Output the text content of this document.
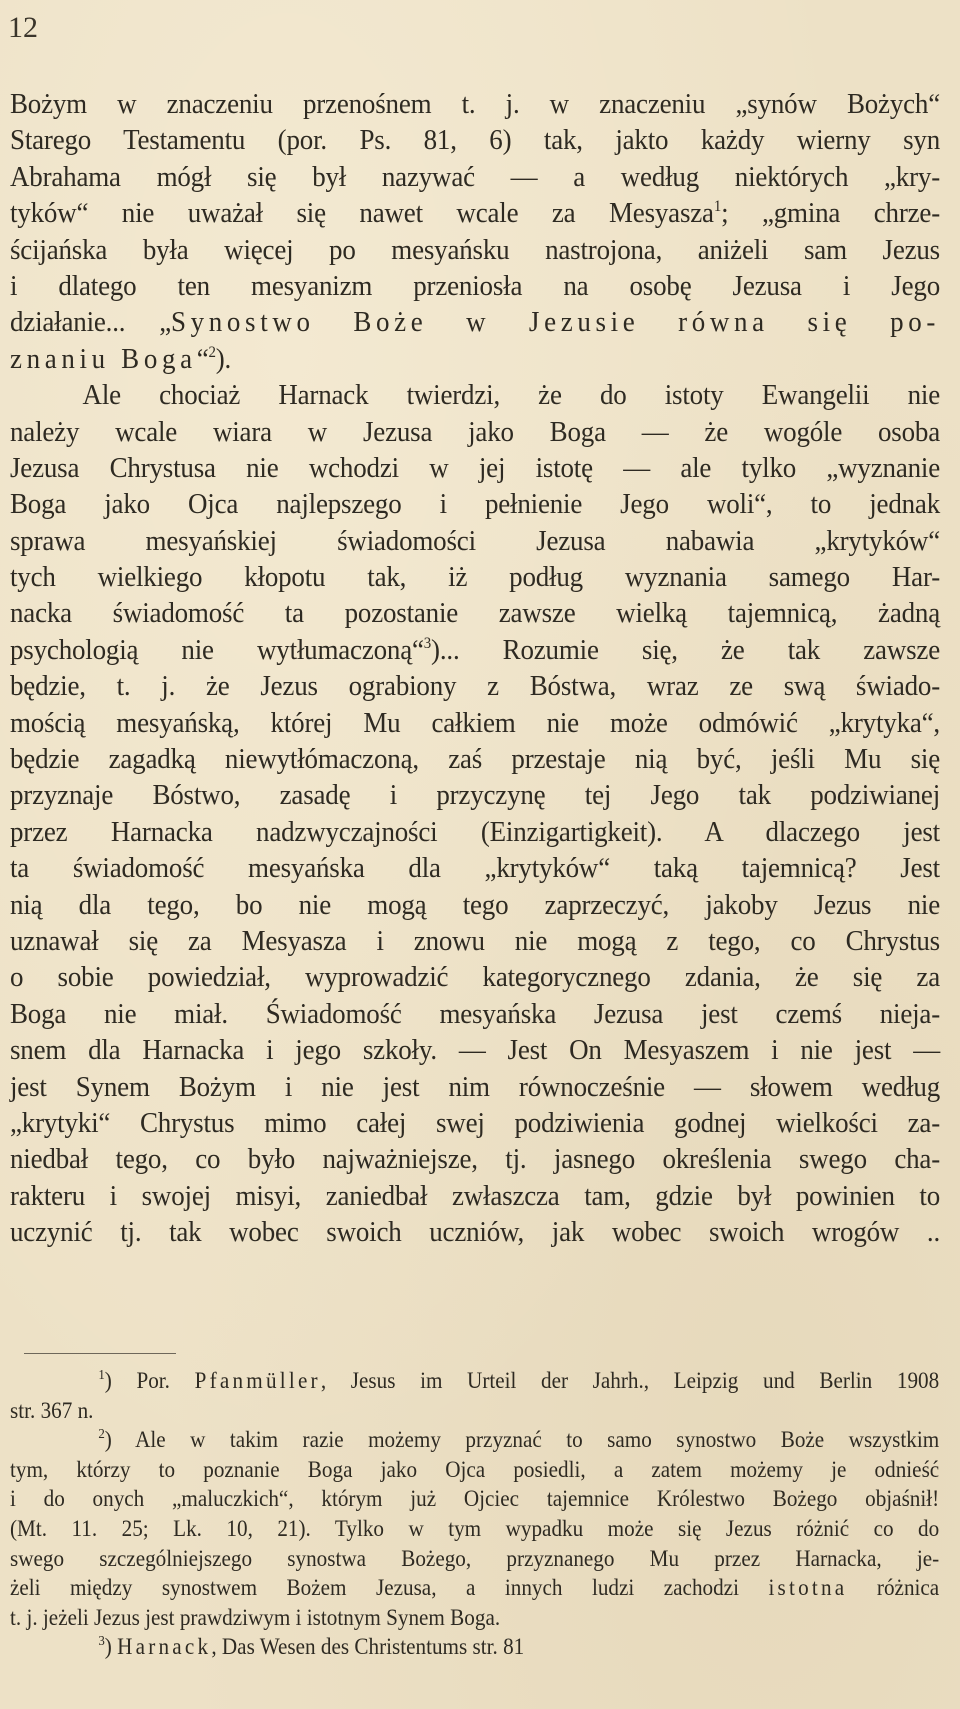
12
Bożym w znaczeniu przenośnem t. j. w znaczeniu „synów Bożych“
Starego Testamentu (por. Ps. 81, 6) tak, jakto każdy wierny syn
Abrahama mógł się był nazywać — a według niektórych „kry-
tyków“ nie uważał się nawet wcale za Mesyasza$^1$; „gmina chrze-
ścijańska była więcej po mesyańsku nastrojona, aniżeli sam Jezus
i dlatego ten mesyanizm przeniosła na osobę Jezusa i Jego
działanie... „Synostwo Boże w Jezusie równa się po-
znaniu Boga“$^2$).
Ale chociaż Harnack twierdzi, że do istoty Ewangelii nie
należy wcale wiara w Jezusa jako Boga — że wogóle osoba
Jezusa Chrystusa nie wchodzi w jej istotę — ale tylko „wyznanie
Boga jako Ojca najlepszego i pełnienie Jego woli“, to jednak
sprawa mesyańskiej świadomości Jezusa nabawia „krytyków“
tych wielkiego kłopotu tak, iż podług wyznania samego Har-
nacka świadomość ta pozostanie zawsze wielką tajemnicą, żadną
psychologią nie wytłumaczoną“$^3$)... Rozumie się, że tak zawsze
będzie, t. j. że Jezus ograbiony z Bóstwa, wraz ze swą świado-
mością mesyańską, której Mu całkiem nie może odmówić „krytyka“,
będzie zagadką niewytłómaczoną, zaś przestaje nią być, jeśli Mu się
przyznaje Bóstwo, zasadę i przyczynę tej Jego tak podziwianej
przez Harnacka nadzwyczajności (Einzigartigkeit). A dlaczego jest
ta świadomość mesyańska dla „krytyków“ taką tajemnicą? Jest
nią dla tego, bo nie mogą tego zaprzeczyć, jakoby Jezus nie
uznawał się za Mesyasza i znowu nie mogą z tego, co Chrystus
o sobie powiedział, wyprowadzić kategorycznego zdania, że się za
Boga nie miał. Świadomość mesyańska Jezusa jest czemś nieja-
snem dla Harnacka i jego szkoły. — Jest On Mesyaszem i nie jest —
jest Synem Bożym i nie jest nim równocześnie — słowem według
„krytyki“ Chrystus mimo całej swej podziwienia godnej wielkości za-
niedbał tego, co było najważniejsze, tj. jasnego określenia swego cha-
rakteru i swojej misyi, zaniedbał zwłaszcza tam, gdzie był powinien to
uczynić tj. tak wobec swoich uczniów, jak wobec swoich wrogów ..
$^1$) Por. Pfanmüller, Jesus im Urteil der Jahrh., Leipzig und Berlin 1908
str. 367 n.
$^2$) Ale w takim razie możemy przyznać to samo synostwo Boże wszystkim
tym, którzy to poznanie Boga jako Ojca posiedli, a zatem możemy je odnieść
i do onych „maluczkich“, którym już Ojciec tajemnice Królestwo Bożego objaśnił!
(Mt. 11. 25; Lk. 10, 21). Tylko w tym wypadku może się Jezus różnić co do
swego szczególniejszego synostwa Bożego, przyznanego Mu przez Harnacka, je-
żeli między synostwem Bożem Jezusa, a innych ludzi zachodzi istotna różnica
t. j. jeżeli Jezus jest prawdziwym i istotnym Synem Boga.
$^3$) Harnack, Das Wesen des Christentums str. 81
